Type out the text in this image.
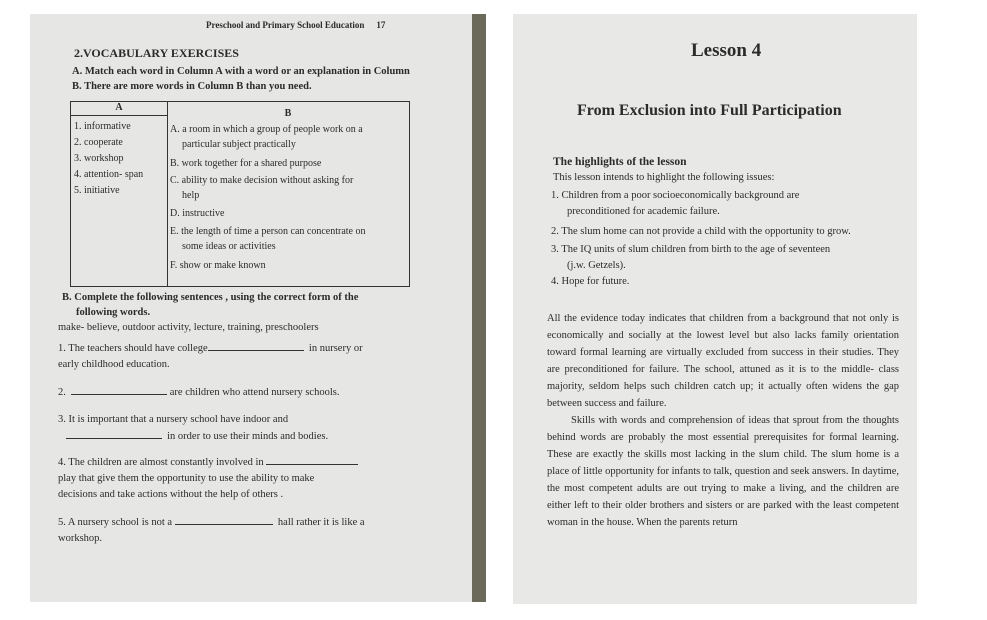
Preschool and Primary School Education 17
2.VOCABULARY EXERCISES
A. Match each word in Column A with a word or an explanation in Column B. There are more words in Column B than you need.
A
B
1. informative
2. cooperate
3. workshop
4. attention- span
5. initiative
A. a room in which a group of people work on a
particular subject practically
B. work together for a shared purpose
C. ability to make decision without asking for
help
D. instructive
E. the length of time a person can concentrate on
some ideas or activities
F. show or make known
B. Complete the following sentences , using the correct form of the
following words.
make- believe, outdoor activity, lecture, training, preschoolers
1. The teachers should have college	in nursery or
early childhood education.
2.	are children who attend nursery schools.
3. It is important that a nursery school have indoor and
in order to use their minds and bodies.
4. The children are almost constantly involved in
play that give them the opportunity to use the ability to make
decisions and take actions without the help of others .
5. A nursery school is not a	hall rather it is like a
workshop.
Lesson 4
From Exclusion into Full Participation
The highlights of the lesson
This lesson intends to highlight the following issues:
1. Children from a poor socioeconomically background are
preconditioned for academic failure.
2. The slum home can not provide a child with the opportunity to grow.
3. The IQ units of slum children from birth to the age of seventeen
(j.w. Getzels).
4. Hope for future.

All the evidence today indicates that children from a background that not only is economically and socially at the lowest level but also lacks family orientation toward formal learning are virtually excluded from success in their studies. They are preconditioned for failure. The school, attuned as it is to the middle- class majority, seldom helps such children catch up; it actually often widens the gap between success and failure.

Skills with words and comprehension of ideas that sprout from the thoughts behind words are probably the most essential prerequisites for formal learning. These are exactly the skills most lacking in the slum child. The slum home is a place of little opportunity for infants to talk, question and seek answers. In daytime, the most competent adults are out trying to make a living, and the children are either left to their older brothers and sisters or are parked with the least competent woman in the house. When the parents return
